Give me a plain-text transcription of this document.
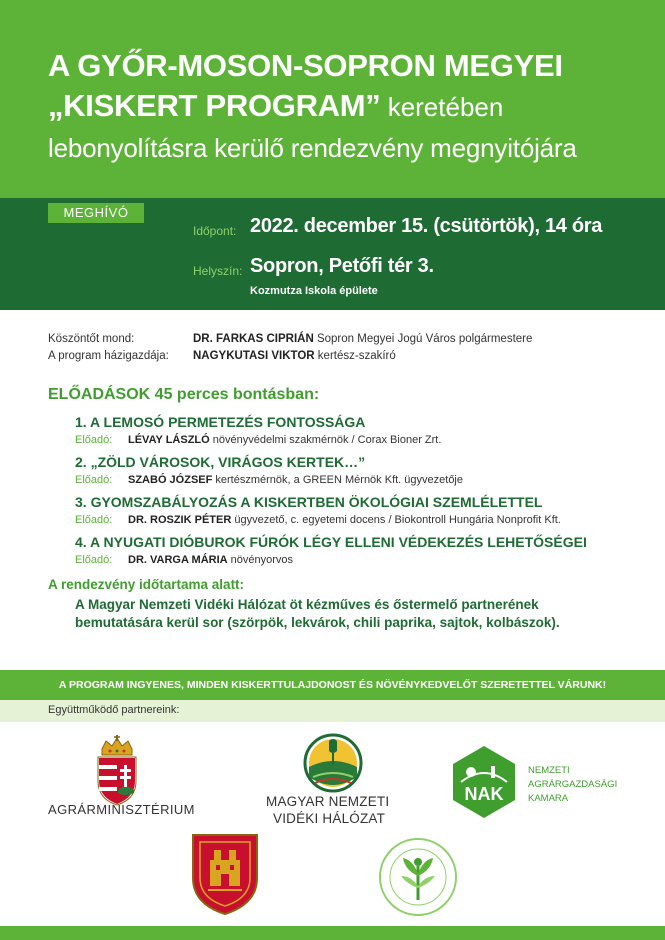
A GYŐR-MOSON-SOPRON MEGYEI
„KISKERT PROGRAM” keretében
lebonyolításra kerülő rendezvény megnyitójára
MEGHÍVÓ
Időpont: 2022. december 15. (csütörtök), 14 óra
Helyszín: Sopron, Petőfi tér 3.
Kozmutza Iskola épülete
Köszöntőt mond:	DR. FARKAS CIPRIÁN Sopron Megyei Jogú Város polgármestere
A program házigazdája: NAGYKUTASI VIKTOR kertész-szakíró
ELŐADÁSOK 45 perces bontásban:
1. A LEMOSÓ PERMETEZÉS FONTOSSÁGA
Előadó: LÉVAY LÁSZLÓ növényvédelmi szakmérnök / Corax Bioner Zrt.
2. „ZÖLD VÁROSOK, VIRÁGOS KERTEK…”
Előadó: SZABÓ JÓZSEF kertészmérnök, a GREEN Mérnök Kft. ügyvezetője
3. GYOMSZABÁLYOZÁS A KISKERTBEN ÖKOLÓGIAI SZEMLÉLETTEL
Előadó: DR. ROSZIK PÉTER ügyvezető, c. egyetemi docens / Biokontroll Hungária Nonprofit Kft.
4. A NYUGATI DIÓBUROK FÚRÓK LÉGY ELLENI VÉDEKEZÉS LEHETŐSÉGEI
Előadó: DR. VARGA MÁRIA növényorvos
A rendezvény időtartama alatt:
A Magyar Nemzeti Vidéki Hálózat öt kézműves és őstermelő partnerének
bemutatására kerül sor (szörpök, lekvárok, chili paprika, sajtok, kolbászok).
A PROGRAM INGYENES, MINDEN KISKERTTULAJDONOST ÉS NÖVÉNYKEDVELŐT SZERETETTEL VÁRUNK!
Együttműködő partnereink:
AGRÁRMINISZTÉRIUM
MAGYAR NEMZETI
VIDÉKI HÁLÓZAT
NAK
NEMZETI
AGRÁRGAZDASÁGI
KAMARA
